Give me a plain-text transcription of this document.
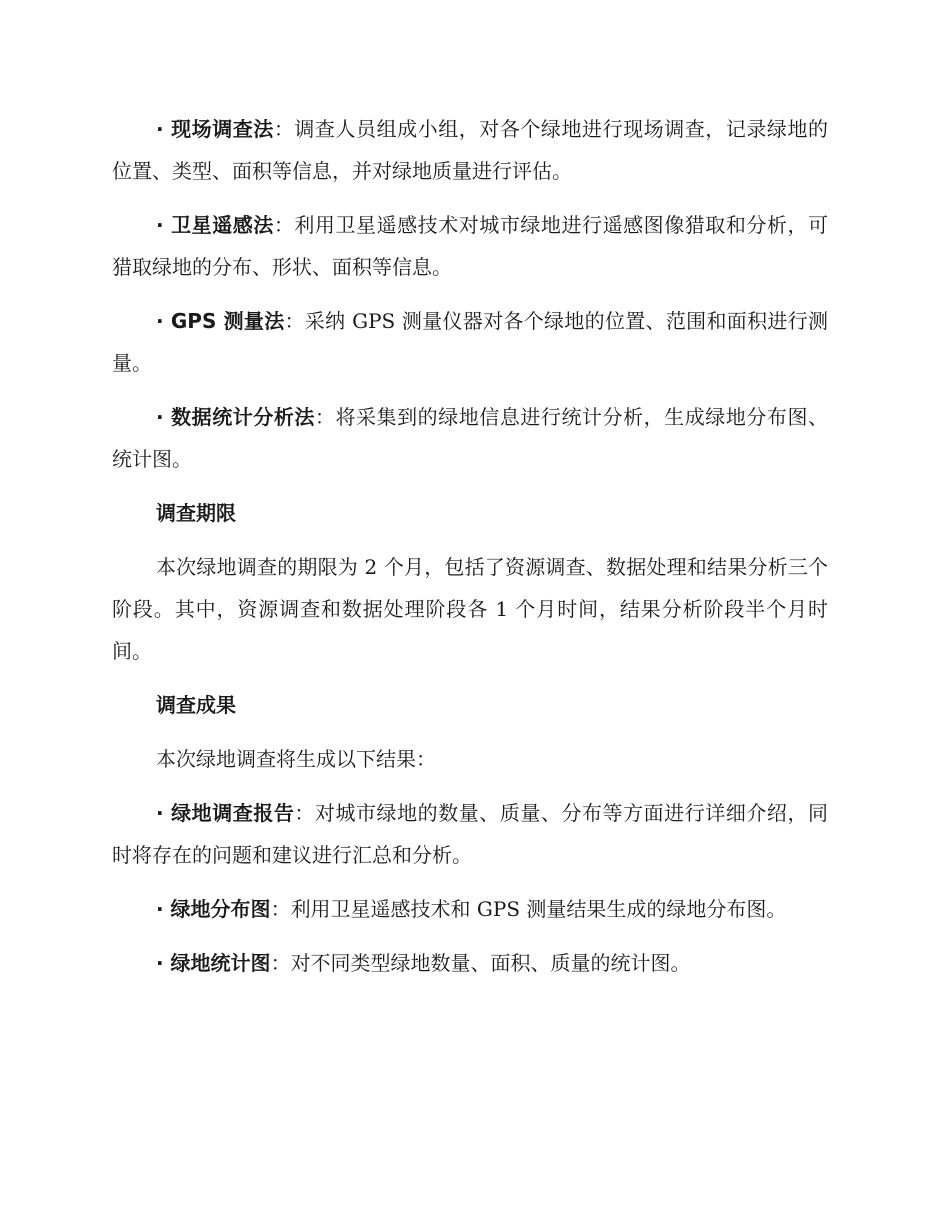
· 现场调查法：调查人员组成小组，对各个绿地进行现场调查，记录绿地的位置、类型、面积等信息，并对绿地质量进行评估。

· 卫星遥感法：利用卫星遥感技术对城市绿地进行遥感图像猎取和分析，可猎取绿地的分布、形状、面积等信息。

· GPS 测量法：采纳 GPS 测量仪器对各个绿地的位置、范围和面积进行测量。

· 数据统计分析法：将采集到的绿地信息进行统计分析，生成绿地分布图、统计图。

调查期限

本次绿地调查的期限为 2 个月，包括了资源调查、数据处理和结果分析三个阶段。其中，资源调查和数据处理阶段各 1 个月时间，结果分析阶段半个月时间。

调查成果

本次绿地调查将生成以下结果：

· 绿地调查报告：对城市绿地的数量、质量、分布等方面进行详细介绍，同时将存在的问题和建议进行汇总和分析。

· 绿地分布图：利用卫星遥感技术和 GPS 测量结果生成的绿地分布图。

· 绿地统计图：对不同类型绿地数量、面积、质量的统计图。
